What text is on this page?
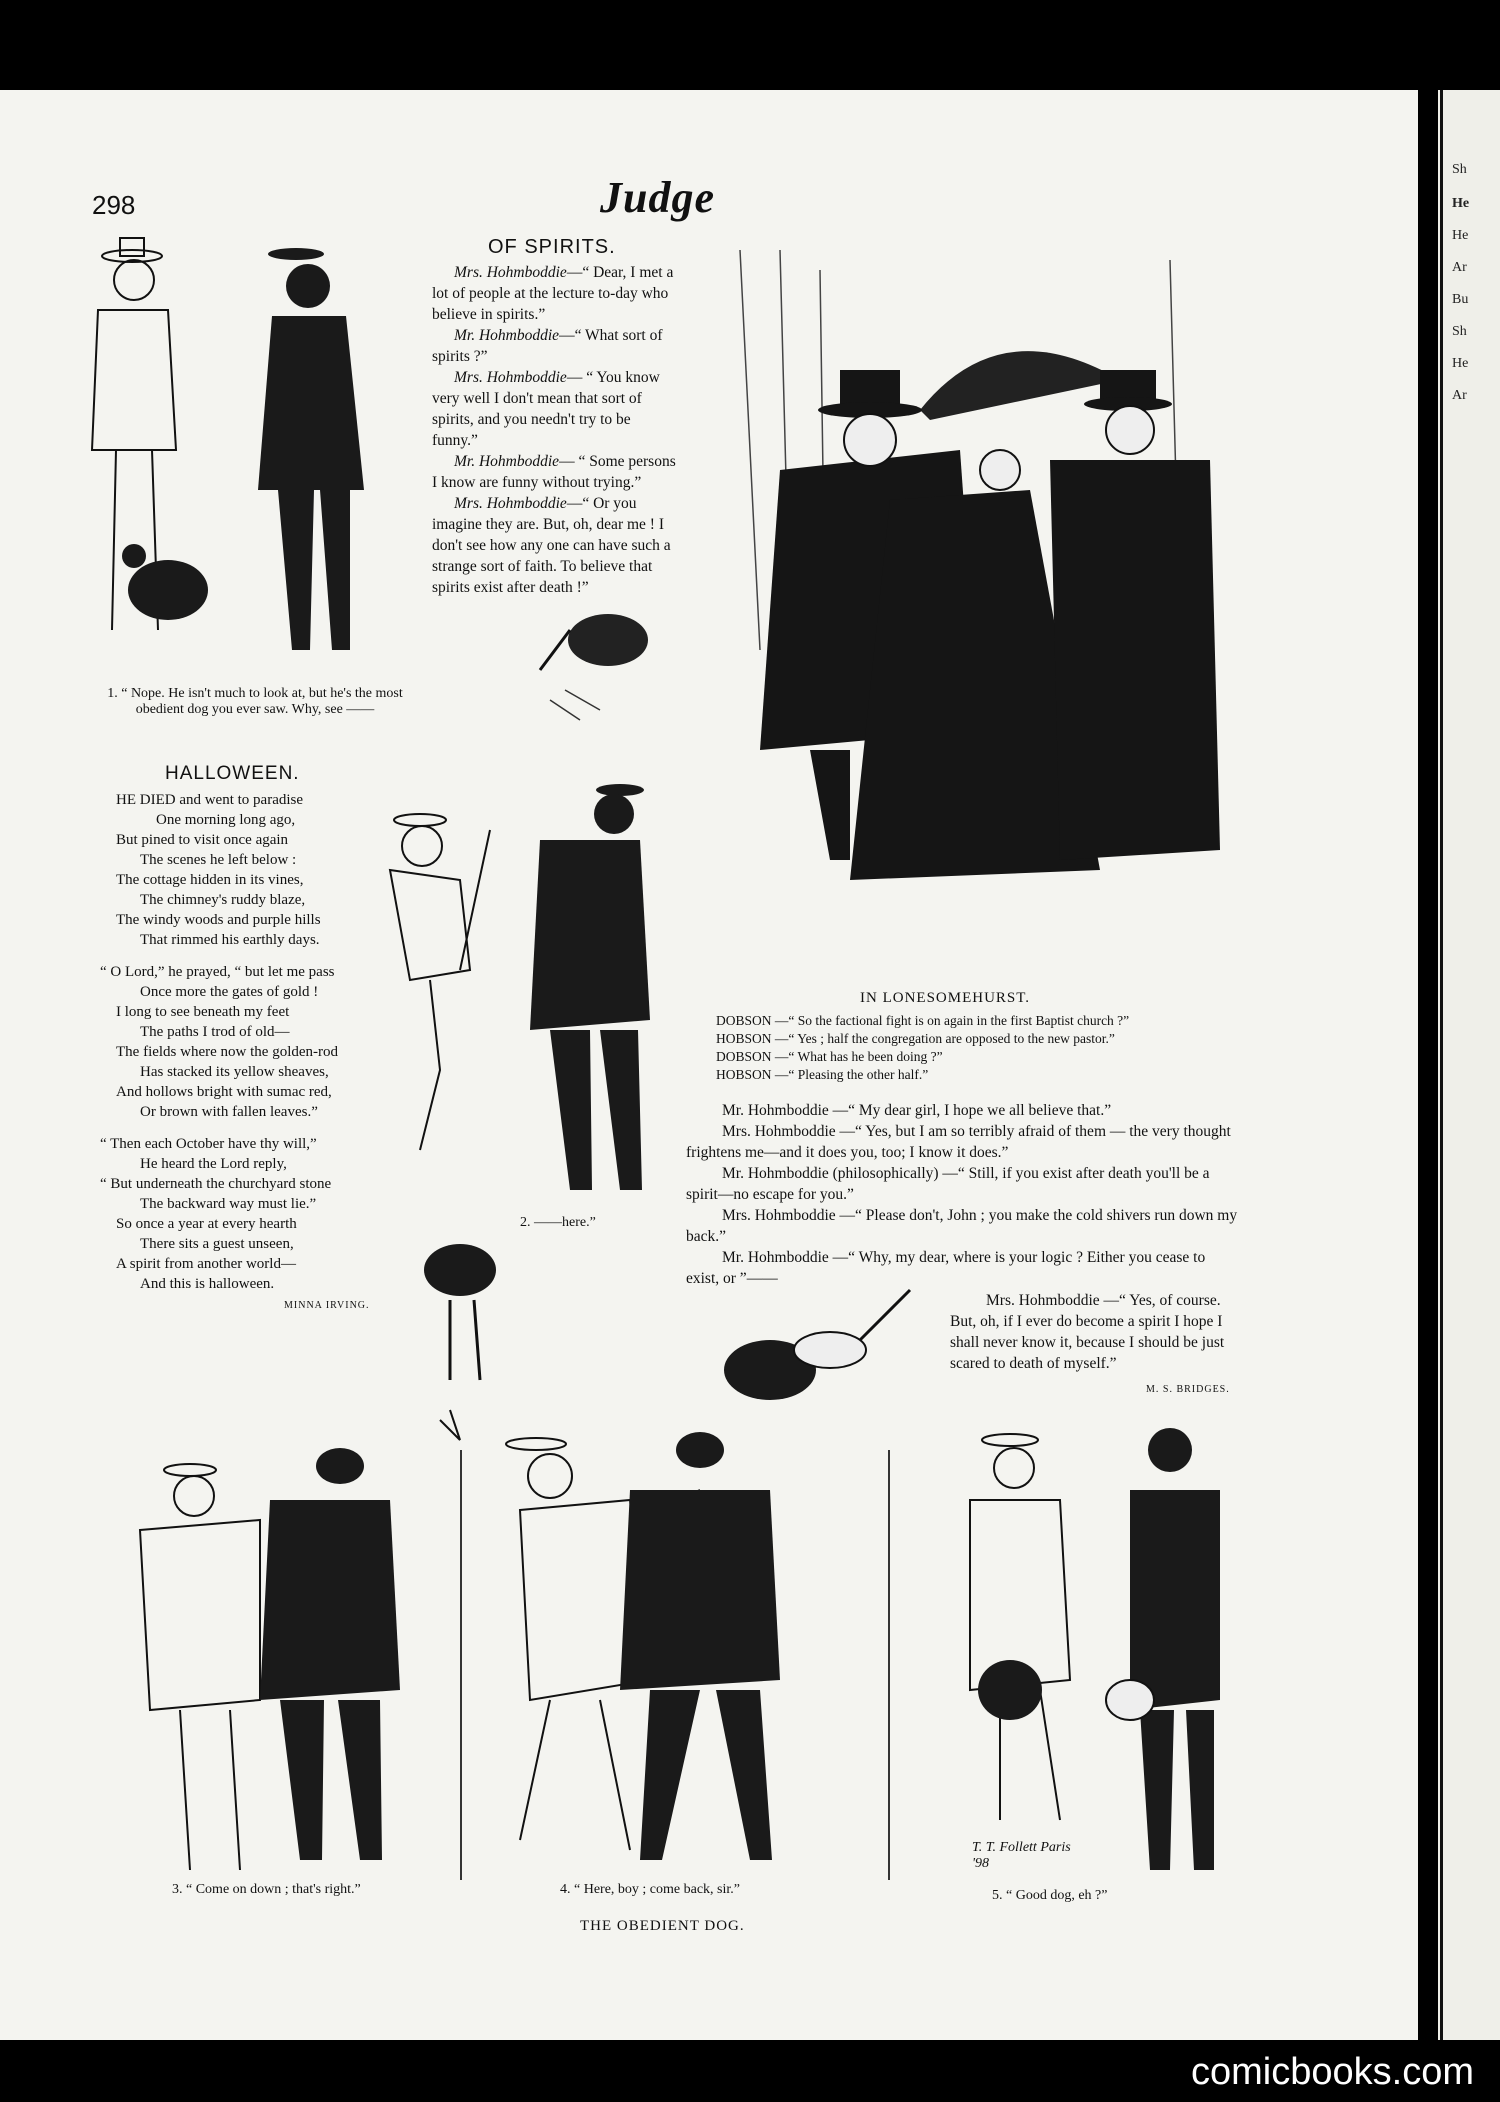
Sh
He
He
Ar
Bu
Sh
He
Ar
298	Judge
OF SPIRITS.

Mrs. Hohmboddie—“ Dear, I met a lot of people at the lecture to-day who believe in spirits.”

Mr. Hohmboddie—“ What sort of spirits ?”

Mrs. Hohmboddie— “ You know very well I don't mean that sort of spirits, and you needn't try to be funny.”

Mr. Hohmboddie— “ Some persons I know are funny without trying.”

Mrs. Hohmboddie—“ Or you imagine they are. But, oh, dear me ! I don't see how any one can have such a strange sort of faith. To believe that spirits exist after death !”

1. “ Nope. He isn't much to look at, but he's the most obedient dog you ever saw. Why, see ——
HALLOWEEN.
HE DIED and went to paradise
One morning long ago,
But pined to visit once again
The scenes he left below :
The cottage hidden in its vines,
The chimney's ruddy blaze,
The windy woods and purple hills
That rimmed his earthly days.
“ O Lord,” he prayed, “ but let me pass
Once more the gates of gold !
I long to see beneath my feet
The paths I trod of old—
The fields where now the golden-rod
Has stacked its yellow sheaves,
And hollows bright with sumac red,
Or brown with fallen leaves.”
“ Then each October have thy will,”
He heard the Lord reply,
“ But underneath the churchyard stone
The backward way must lie.”
So once a year at every hearth
There sits a guest unseen,
A spirit from another world—
And this is halloween.
MINNA IRVING.
2. ——here.”
IN LONESOMEHURST.
DOBSON —“ So the factional fight is on again in the first Baptist church ?”
HOBSON —“ Yes ; half the congregation are opposed to the new pastor.”
DOBSON —“ What has he been doing ?”
HOBSON —“ Pleasing the other half.”

Mr. Hohmboddie —“ My dear girl, I hope we all believe that.”

Mrs. Hohmboddie —“ Yes, but I am so terribly afraid of them — the very thought frightens me—and it does you, too; I know it does.”

Mr. Hohmboddie (philosophically) —“ Still, if you exist after death you'll be a spirit—no escape for you.”

Mrs. Hohmboddie —“ Please don't, John ; you make the cold shivers run down my back.”

Mr. Hohmboddie —“ Why, my dear, where is your logic ? Either you cease to exist, or ”——

Mrs. Hohmboddie —“ Yes, of course. But, oh, if I ever do become a spirit I hope I shall never know it, because I should be just scared to death of myself.”

M. S. BRIDGES.
3. “ Come on down ; that's right.”	4. “ Here, boy ; come back, sir.”
T. T. Follett Paris '98
5. “ Good dog, eh ?”
THE OBEDIENT DOG.
comicbooks.com
